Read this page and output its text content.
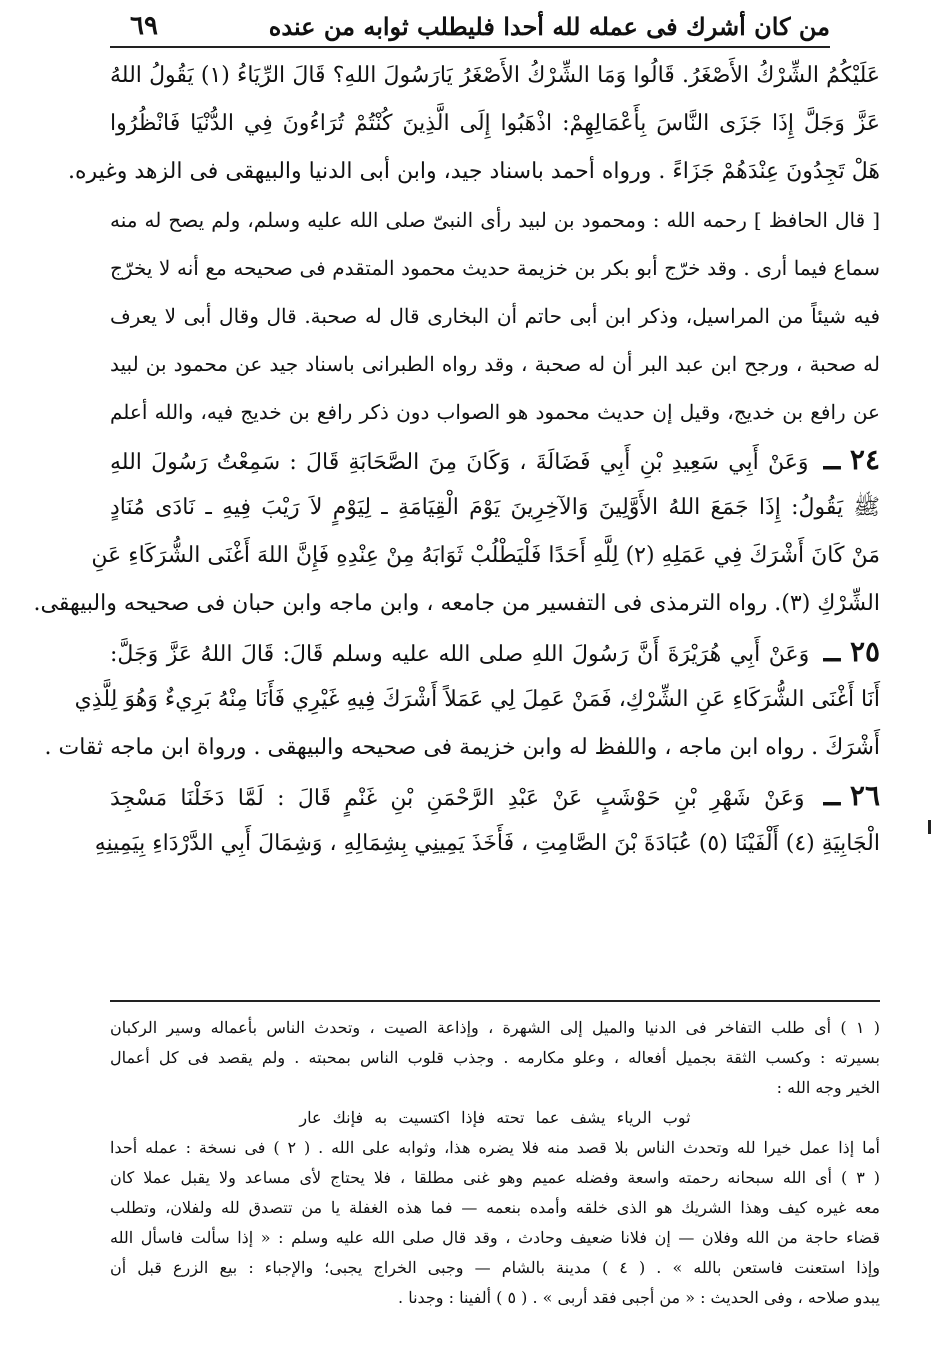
من كان أشرك فى عمله لله أحدا فليطلب ثوابه من عنده
٦٩
عَلَيْكُمُ الشِّرْكُ الأَصْغَرُ. قَالُوا وَمَا الشِّرْكُ الأَصْغَرُ يَارَسُولَ اللهِ؟ قَالَ الرِّيَاءُ (١) يَقُولُ اللهُ
عَزَّ وَجَلَّ إِذَا جَزَى النَّاسَ بِأَعْمَالِهِمْ: اذْهَبُوا إِلَى الَّذِينَ كُنْتُمْ تُرَاءُونَ فِي الدُّنْيَا فَانْظُرُوا
هَلْ تَجِدُونَ عِنْدَهُمْ جَزَاءً . ورواه أحمد باسناد جيد، وابن أبى الدنيا والبيهقى فى الزهد وغيره.
[ قال الحافظ ] رحمه الله : ومحمود بن لبيد رأى النبىّ صلى الله عليه وسلم، ولم يصح له منه
سماع فيما أرى . وقد خرّج أبو بكر بن خزيمة حديث محمود المتقدم فى صحيحه مع أنه لا يخرّج
فيه شيئاً من المراسيل، وذكر ابن أبى حاتم أن البخارى قال له صحبة. قال وقال أبى لا يعرف
له صحبة ، ورجح ابن عبد البر أن له صحبة ، وقد رواه الطبرانى باسناد جيد عن محمود بن لبيد
عن رافع بن خديج، وقيل إن حديث محمود هو الصواب دون ذكر رافع بن خديج فيه، والله أعلم
٢٤ ــ وَعَنْ أَبِي سَعِيدِ بْنِ أَبِي فَضَالَةَ ، وَكَانَ مِنَ الصَّحَابَةِ قَالَ : سَمِعْتُ رَسُولَ اللهِ
ﷺ يَقُولُ: إِذَا جَمَعَ اللهُ الأَوَّلِينَ وَالآخِرِينَ يَوْمَ الْقِيَامَةِ ـ لِيَوْمٍ لاَ رَيْبَ فِيهِ ـ نَادَى مُنَادٍ
مَنْ كَانَ أَشْرَكَ فِي عَمَلِهِ (٢) لِلَّهِ أَحَدًا فَلْيَطْلُبْ ثَوَابَهُ مِنْ عِنْدِهِ فَإِنَّ اللهَ أَغْنَى الشُّرَكَاءِ عَنِ
الشِّرْكِ (٣). رواه الترمذى فى التفسير من جامعه ، وابن ماجه وابن حبان فى صحيحه والبيهقى.
٢٥ ــ وَعَنْ أَبِي هُرَيْرَةَ أَنَّ رَسُولَ اللهِ صلى الله عليه وسلم قَالَ: قَالَ اللهُ عَزَّ وَجَلَّ:
أَنَا أَغْنَى الشُّرَكَاءِ عَنِ الشِّرْكِ، فَمَنْ عَمِلَ لِي عَمَلاً أَشْرَكَ فِيهِ غَيْرِي فَأَنَا مِنْهُ بَرِيءٌ وَهُوَ لِلَّذِي
أَشْرَكَ . رواه ابن ماجه ، واللفظ له وابن خزيمة فى صحيحه والبيهقى . ورواة ابن ماجه ثقات .
٢٦ ــ وَعَنْ شَهْرِ بْنِ حَوْشَبٍ عَنْ عَبْدِ الرَّحْمَنِ بْنِ غَنْمٍ قَالَ : لَمَّا دَخَلْنَا مَسْجِدَ
الْجَابِيَةِ (٤) أَلْفَيْنَا (٥) عُبَادَةَ بْنَ الصَّامِتِ ، فَأَخَذَ يَمِينِي بِشِمَالِهِ ، وَشِمَالَ أَبِي الدَّرْدَاءِ بِيَمِينِهِ
( ١ ) أى طلب التفاخر فى الدنيا والميل إلى الشهرة ، وإذاعة الصيت ، وتحدث الناس بأعماله وسير الركبان
بسيرته : وكسب الثقة بجميل أفعاله ، وعلو مكارمه . وجذب قلوب الناس بمحبته . ولم يقصد فى كل أعمال
الخير وجه الله :
ثوب الرياء يشف عما تحته فإذا اكتسيت به فإنك عار
أما إذا عمل خيرا لله وتحدث الناس بلا قصد منه فلا يضره هذا، وثوابه على الله . ( ٢ ) فى نسخة : عمله أحدا
( ٣ ) أى الله سبحانه رحمته واسعة وفضله عميم وهو غنى مطلقا ، فلا يحتاج لأى مساعد ولا يقبل عملا كان
معه غيره كيف وهذا الشريك هو الذى خلقه وأمده بنعمه — فما هذه الغفلة يا من تتصدق لله ولفلان، وتطلب
قضاء حاجة من الله وفلان — إن فلانا ضعيف وحادث ، وقد قال صلى الله عليه وسلم : « إذا سألت فاسأل الله
وإذا استعنت فاستعن بالله » . ( ٤ ) مدينة بالشام — وجبى الخراج يجبى؛ والإجباء : بيع الزرع قبل أن
يبدو صلاحه ، وفى الحديث : « من أجبى فقد أربى » . ( ٥ ) ألفينا : وجدنا .
